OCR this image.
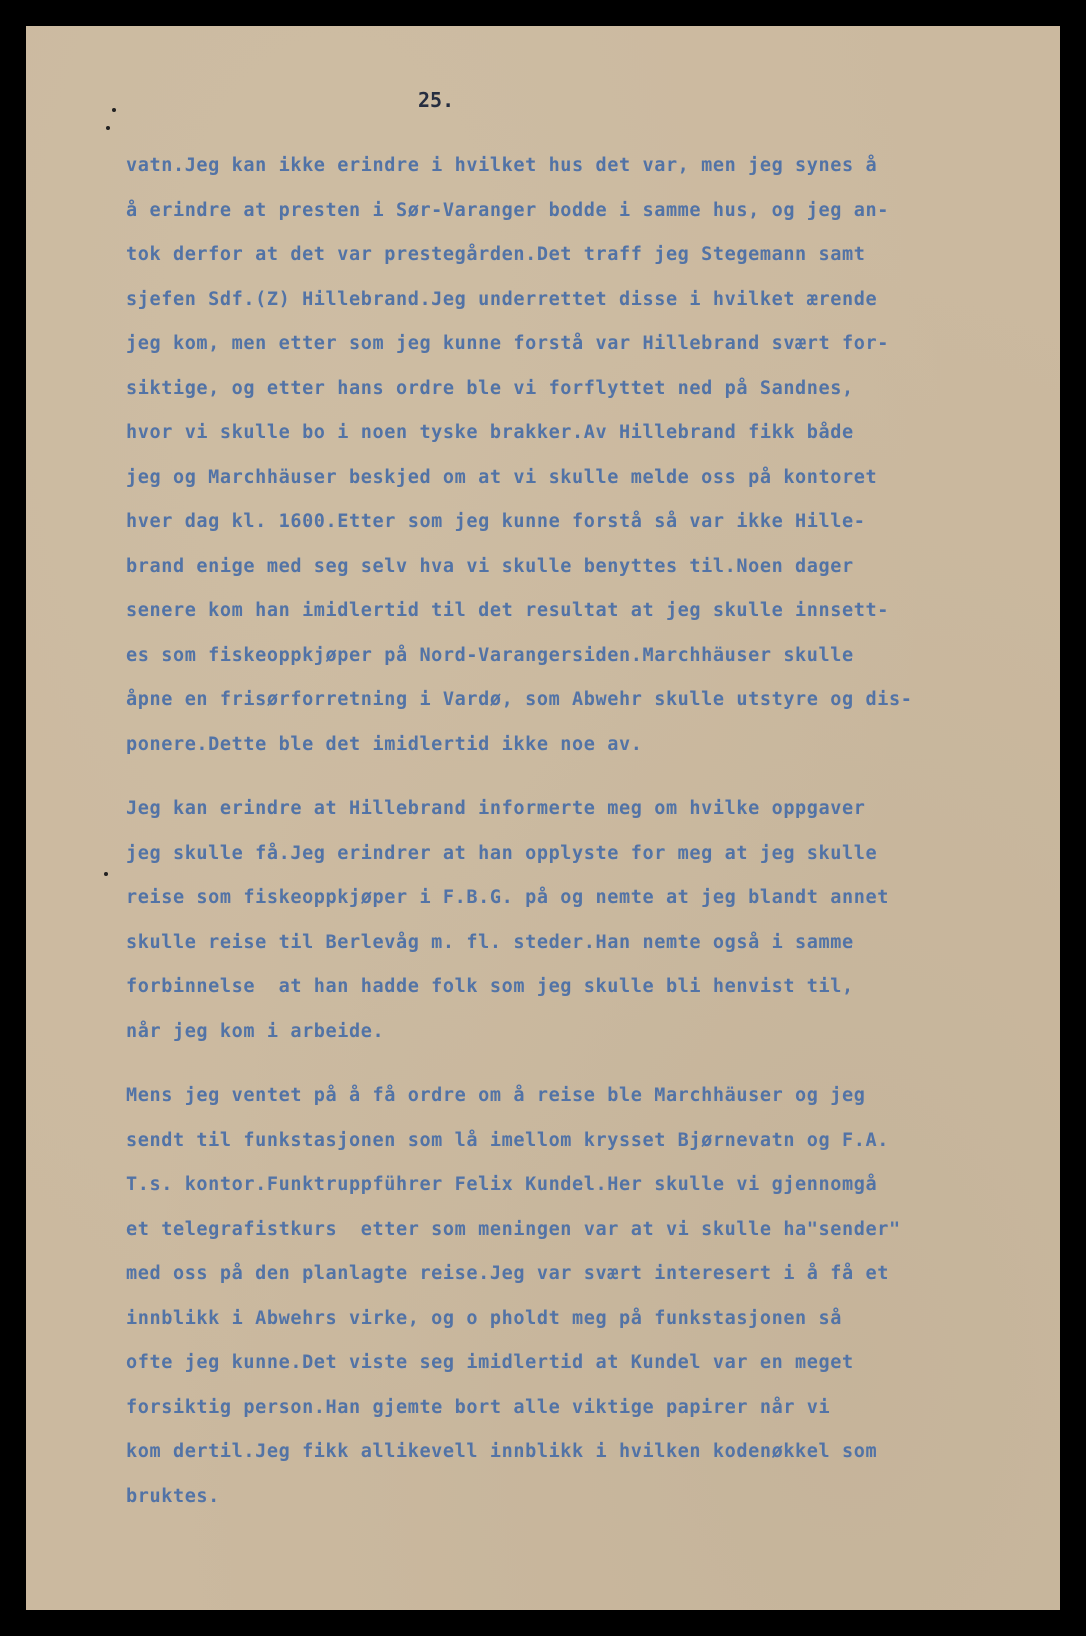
25.
vatn.Jeg kan ikke erindre i hvilket hus det var, men jeg synes å
å erindre at presten i Sør-Varanger bodde i samme hus, og jeg an-
tok derfor at det var prestegården.Det traff jeg Stegemann samt
sjefen Sdf.(Z) Hillebrand.Jeg underrettet disse i hvilket ærende
jeg kom, men etter som jeg kunne forstå var Hillebrand svært for-
siktige, og etter hans ordre ble vi forflyttet ned på Sandnes,
hvor vi skulle bo i noen tyske brakker.Av Hillebrand fikk både
jeg og Marchhäuser beskjed om at vi skulle melde oss på kontoret
hver dag kl. 1600.Etter som jeg kunne forstå så var ikke Hille-
brand enige med seg selv hva vi skulle benyttes til.Noen dager
senere kom han imidlertid til det resultat at jeg skulle innsett-
es som fiskeoppkjøper på Nord-Varangersiden.Marchhäuser skulle
åpne en frisørforretning i Vardø, som Abwehr skulle utstyre og dis-
ponere.Dette ble det imidlertid ikke noe av.
Jeg kan erindre at Hillebrand informerte meg om hvilke oppgaver
jeg skulle få.Jeg erindrer at han opplyste for meg at jeg skulle
reise som fiskeoppkjøper i F.B.G. på og nemte at jeg blandt annet
skulle reise til Berlevåg m. fl. steder.Han nemte også i samme
forbinnelse  at han hadde folk som jeg skulle bli henvist til,
når jeg kom i arbeide.
Mens jeg ventet på å få ordre om å reise ble Marchhäuser og jeg
sendt til funkstasjonen som lå imellom krysset Bjørnevatn og F.A.
T.s. kontor.Funktruppführer Felix Kundel.Her skulle vi gjennomgå
et telegrafistkurs  etter som meningen var at vi skulle ha"sender"
med oss på den planlagte reise.Jeg var svært interesert i å få et
innblikk i Abwehrs virke, og o pholdt meg på funkstasjonen så
ofte jeg kunne.Det viste seg imidlertid at Kundel var en meget
forsiktig person.Han gjemte bort alle viktige papirer når vi
kom dertil.Jeg fikk allikevell innblikk i hvilken kodenøkkel som
bruktes.
